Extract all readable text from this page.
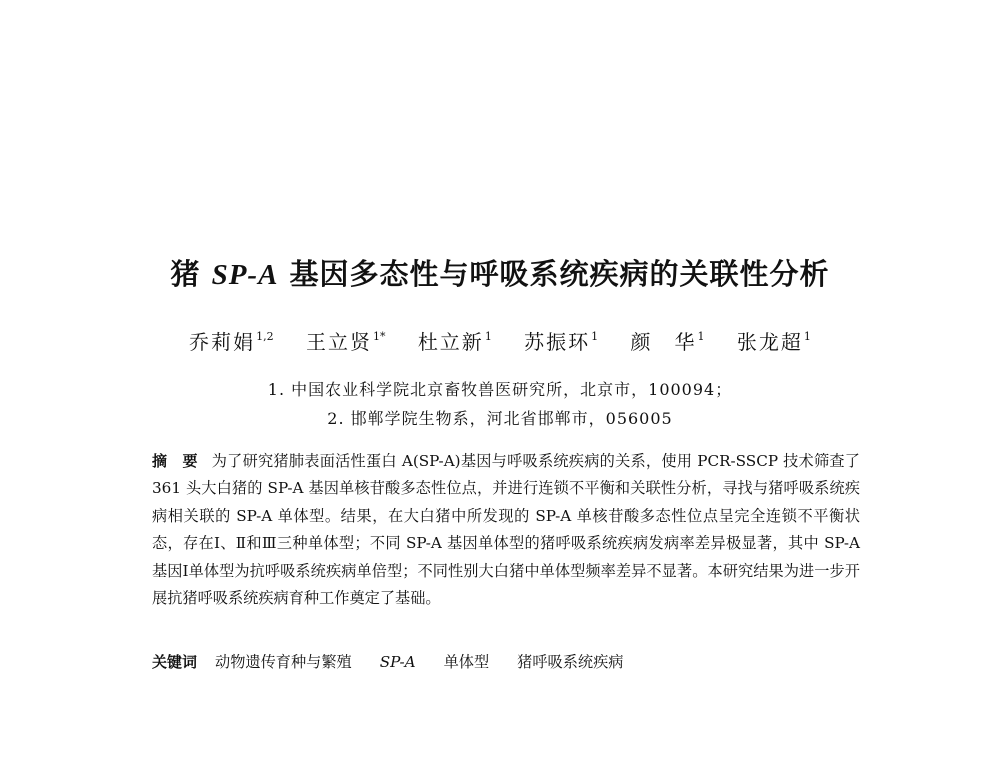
猪 SP-A 基因多态性与呼吸系统疾病的关联性分析
乔莉娟$^{1,2}$ 王立贤$^{1*}$ 杜立新$^1$ 苏振环$^1$ 颜　华$^1$ 张龙超$^1$
1. 中国农业科学院北京畜牧兽医研究所，北京市，100094；
2. 邯郸学院生物系，河北省邯郸市，056005
摘　要 为了研究猪肺表面活性蛋白 A(SP-A)基因与呼吸系统疾病的关系，使用 PCR-SSCP 技术筛查了 361 头大白猪的 SP-A 基因单核苷酸多态性位点，并进行连锁不平衡和关联性分析，寻找与猪呼吸系统疾病相关联的 SP-A 单体型。结果，在大白猪中所发现的 SP-A 单核苷酸多态性位点呈完全连锁不平衡状态，存在Ⅰ、Ⅱ和Ⅲ三种单体型；不同 SP-A 基因单体型的猪呼吸系统疾病发病率差异极显著，其中 SP-A 基因Ⅰ单体型为抗呼吸系统疾病单倍型；不同性别大白猪中单体型频率差异不显著。本研究结果为进一步开展抗猪呼吸系统疾病育种工作奠定了基础。
关键词 动物遗传育种与繁殖 SP-A 单体型 猪呼吸系统疾病
